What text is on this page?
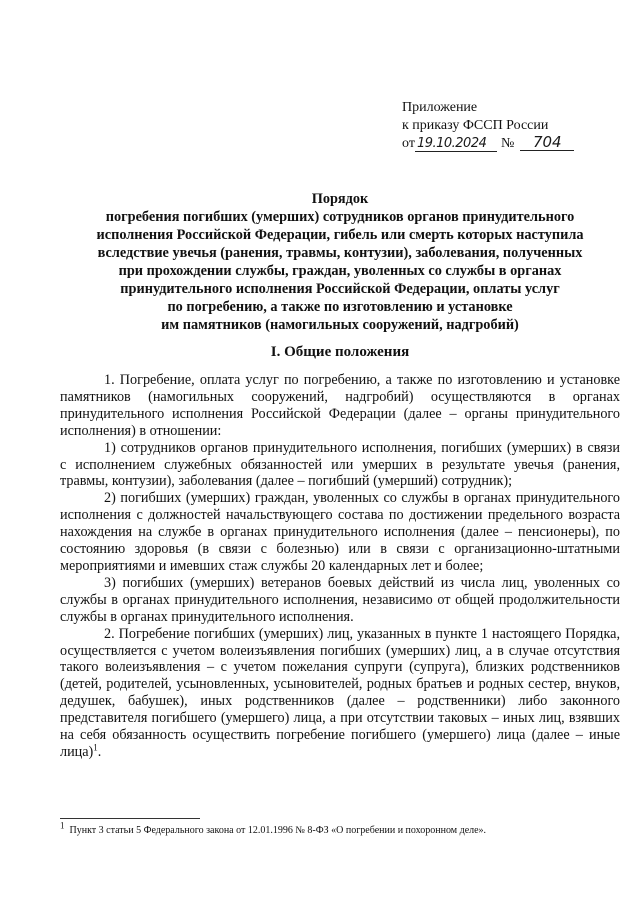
Приложение
к приказу ФССП России
от 19.10.2024 № 704
Порядок
погребения погибших (умерших) сотрудников органов принудительного
исполнения Российской Федерации, гибель или смерть которых наступила
вследствие увечья (ранения, травмы, контузии), заболевания, полученных
при прохождении службы, граждан, уволенных со службы в органах
принудительного исполнения Российской Федерации, оплаты услуг
по погребению, а также по изготовлению и установке
им памятников (намогильных сооружений, надгробий)
I. Общие положения

1. Погребение, оплата услуг по погребению, а также по изготовлению и установке памятников (намогильных сооружений, надгробий) осуществляются в органах принудительного исполнения Российской Федерации (далее – органы принудительного исполнения) в отношении:

1) сотрудников органов принудительного исполнения, погибших (умерших) в связи с исполнением служебных обязанностей или умерших в результате увечья (ранения, травмы, контузии), заболевания (далее – погибший (умерший) сотрудник);

2) погибших (умерших) граждан, уволенных со службы в органах принудительного исполнения с должностей начальствующего состава по достижении предельного возраста нахождения на службе в органах принудительного исполнения (далее – пенсионеры), по состоянию здоровья (в связи с болезнью) или в связи с организационно-штатными мероприятиями и имевших стаж службы 20 календарных лет и более;

3) погибших (умерших) ветеранов боевых действий из числа лиц, уволенных со службы в органах принудительного исполнения, независимо от общей продолжительности службы в органах принудительного исполнения.

2. Погребение погибших (умерших) лиц, указанных в пункте 1 настоящего Порядка, осуществляется с учетом волеизъявления погибших (умерших) лиц, а в случае отсутствия такого волеизъявления – с учетом пожелания супруги (супруга), близких родственников (детей, родителей, усыновленных, усыновителей, родных братьев и родных сестер, внуков, дедушек, бабушек), иных родственников (далее – родственники) либо законного представителя погибшего (умершего) лица, а при отсутствии таковых – иных лиц, взявших на себя обязанность осуществить погребение погибшего (умершего) лица (далее – иные лица)$^1$.

$^1$ Пункт 3 статьи 5 Федерального закона от 12.01.1996 № 8-ФЗ «О погребении и похоронном деле».
